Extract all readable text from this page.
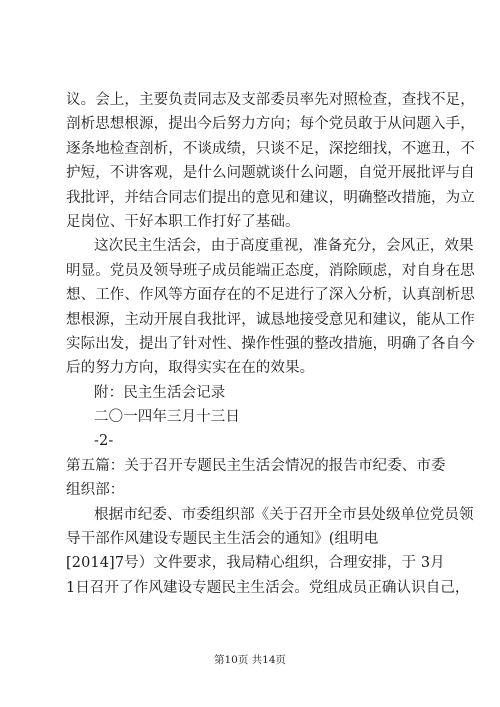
议。会上，主要负责同志及支部委员率先对照检查，查找不足，
剖析思想根源，提出今后努力方向；每个党员敢于从问题入手，
逐条地检查剖析，不谈成绩，只谈不足，深挖细找，不遮丑，不
护短，不讲客观，是什么问题就谈什么问题，自觉开展批评与自
我批评，并结合同志们提出的意见和建议，明确整改措施，为立
足岗位、干好本职工作打好了基础。
这次民主生活会，由于高度重视，准备充分，会风正，效果
明显。党员及领导班子成员能端正态度，消除顾虑，对自身在思
想、工作、作风等方面存在的不足进行了深入分析，认真剖析思
想根源，主动开展自我批评，诚恳地接受意见和建议，能从工作
实际出发，提出了针对性、操作性强的整改措施，明确了各自今
后的努力方向，取得实实在在的效果。
附：民主生活会记录
二〇一四年三月十三日
-2-
第五篇：关于召开专题民主生活会情况的报告市纪委、市委
组织部：
根据市纪委、市委组织部《关于召开全市县处级单位党员领
导干部作风建设专题民主生活会的通知》(组明电
[2014]7号）文件要求，我局精心组织，合理安排，于 3月
1日召开了作风建设专题民主生活会。党组成员正确认识自己，
第10页 共14页
